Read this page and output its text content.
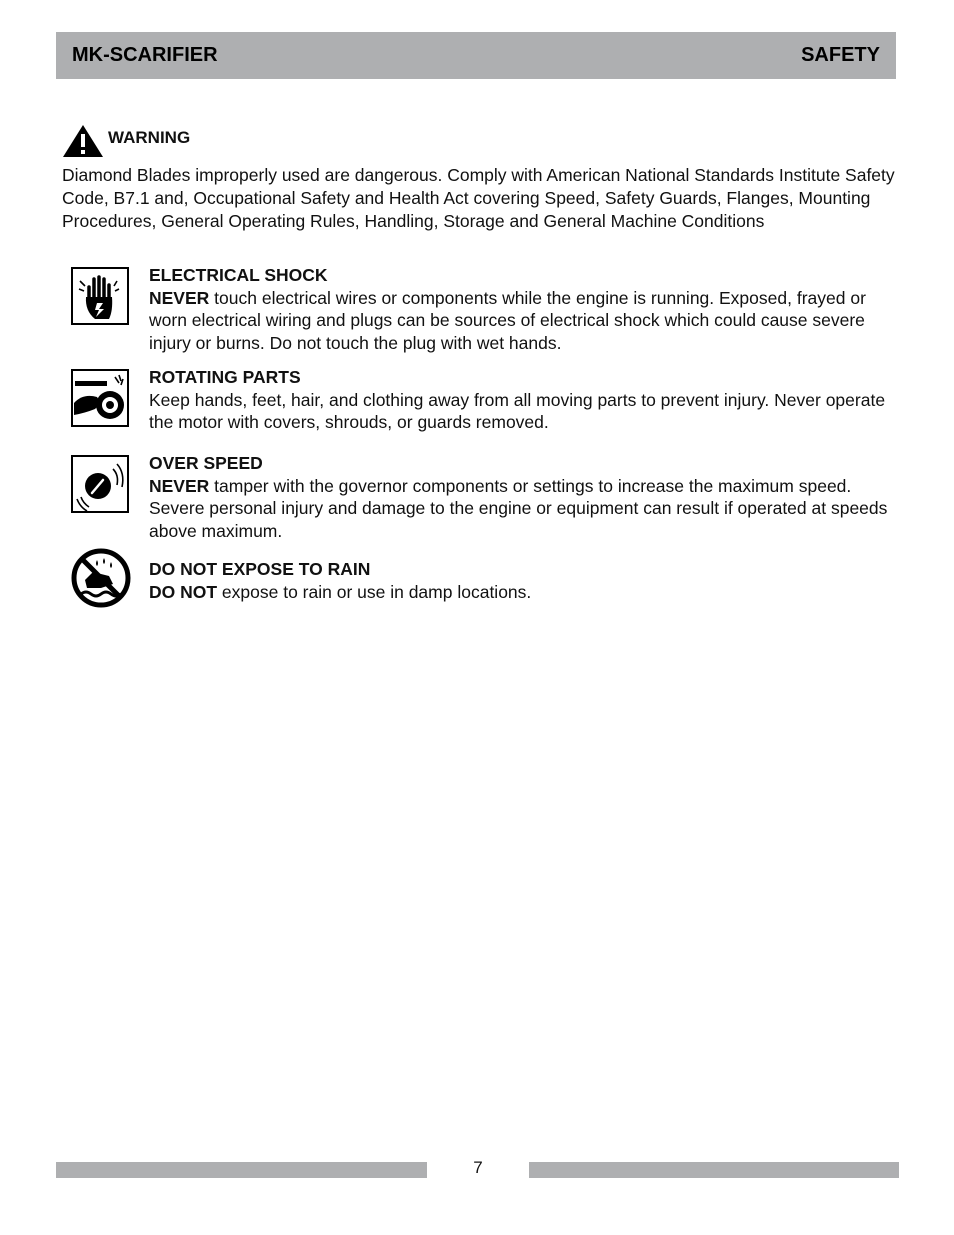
MK-SCARIFIER	SAFETY
WARNING
Diamond Blades improperly used are dangerous. Comply with American National Standards Institute Safety Code, B7.1 and, Occupational Safety and Health Act covering Speed, Safety Guards, Flanges, Mounting Procedures, General Operating Rules, Handling, Storage and General Machine Conditions
ELECTRICAL SHOCK
NEVER touch electrical wires or components while the engine is running. Exposed, frayed or worn electrical wiring and plugs can be sources of electrical shock which could cause severe injury or burns. Do not touch the plug with wet hands.
ROTATING PARTS
Keep hands, feet, hair, and clothing away from all moving parts to prevent injury. Never operate the motor with covers, shrouds, or guards removed.
OVER SPEED
NEVER tamper with the governor components or settings to increase the maximum speed. Severe personal injury and damage to the engine or equipment can result if operated at speeds above maximum.
DO NOT EXPOSE TO RAIN
DO NOT expose to rain or use in damp locations.
7
